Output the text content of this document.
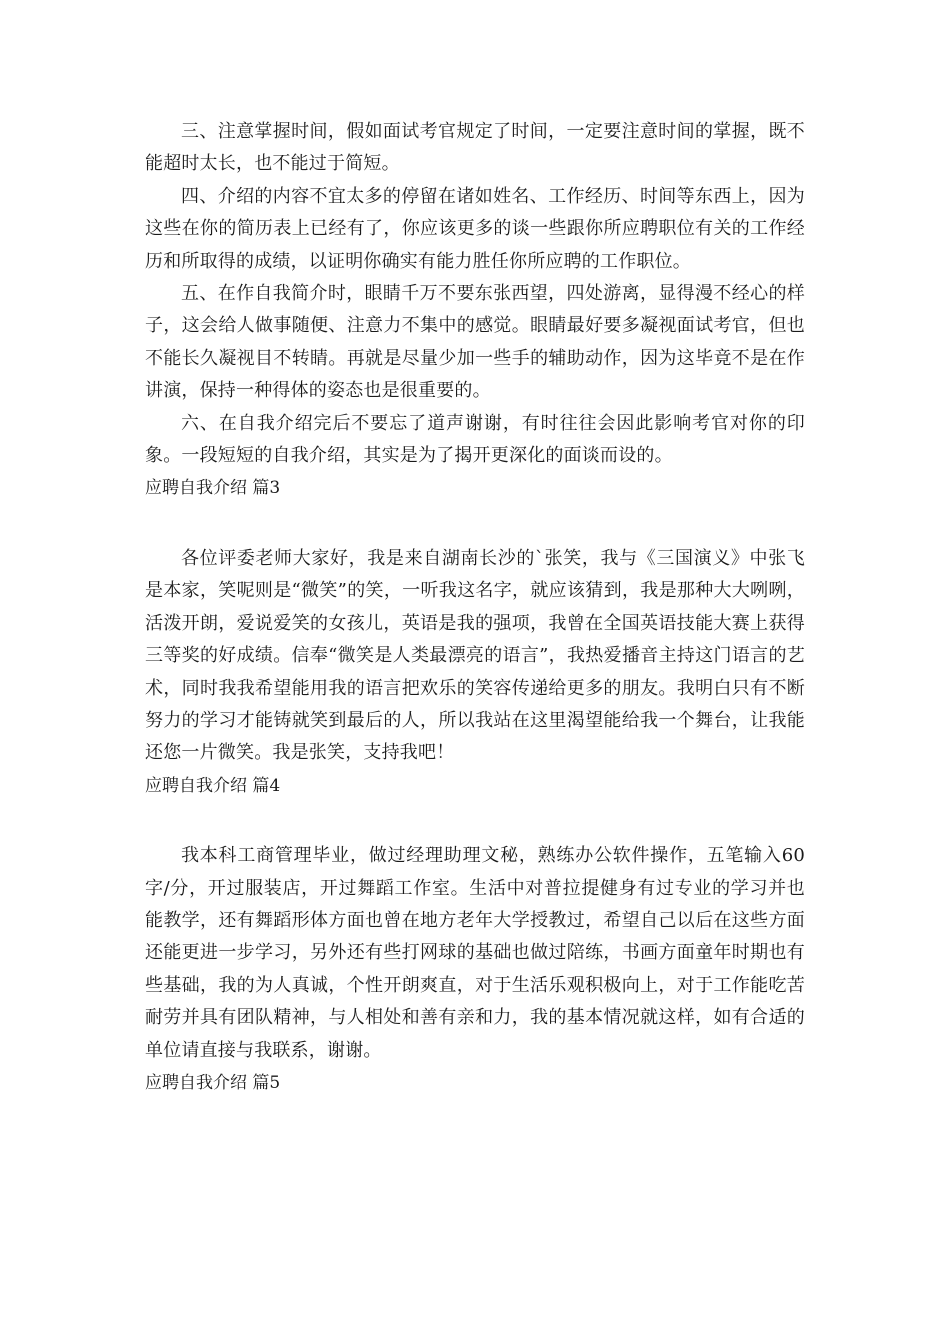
三、注意掌握时间，假如面试考官规定了时间，一定要注意时间的掌握，既不能超时太长，也不能过于简短。

四、介绍的内容不宜太多的停留在诸如姓名、工作经历、时间等东西上，因为这些在你的简历表上已经有了，你应该更多的谈一些跟你所应聘职位有关的工作经历和所取得的成绩，以证明你确实有能力胜任你所应聘的工作职位。

五、在作自我简介时，眼睛千万不要东张西望，四处游离，显得漫不经心的样子，这会给人做事随便、注意力不集中的感觉。眼睛最好要多凝视面试考官，但也不能长久凝视目不转睛。再就是尽量少加一些手的辅助动作，因为这毕竟不是在作讲演，保持一种得体的姿态也是很重要的。

六、在自我介绍完后不要忘了道声谢谢，有时往往会因此影响考官对你的印象。一段短短的自我介绍，其实是为了揭开更深化的面谈而设的。

应聘自我介绍 篇3

各位评委老师大家好，我是来自湖南长沙的`张笑，我与《三国演义》中张飞是本家，笑呢则是“微笑”的笑，一听我这名字，就应该猜到，我是那种大大咧咧，活泼开朗，爱说爱笑的女孩儿，英语是我的强项，我曾在全国英语技能大赛上获得三等奖的好成绩。信奉“微笑是人类最漂亮的语言”，我热爱播音主持这门语言的艺术，同时我我希望能用我的语言把欢乐的笑容传递给更多的朋友。我明白只有不断努力的学习才能铸就笑到最后的人，所以我站在这里渴望能给我一个舞台，让我能还您一片微笑。我是张笑，支持我吧！

应聘自我介绍 篇4

我本科工商管理毕业，做过经理助理文秘，熟练办公软件操作，五笔输入60字/分，开过服装店，开过舞蹈工作室。生活中对普拉提健身有过专业的学习并也能教学，还有舞蹈形体方面也曾在地方老年大学授教过，希望自己以后在这些方面还能更进一步学习，另外还有些打网球的基础也做过陪练，书画方面童年时期也有些基础，我的为人真诚，个性开朗爽直，对于生活乐观积极向上，对于工作能吃苦耐劳并具有团队精神，与人相处和善有亲和力，我的基本情况就这样，如有合适的单位请直接与我联系，谢谢。

应聘自我介绍 篇5
